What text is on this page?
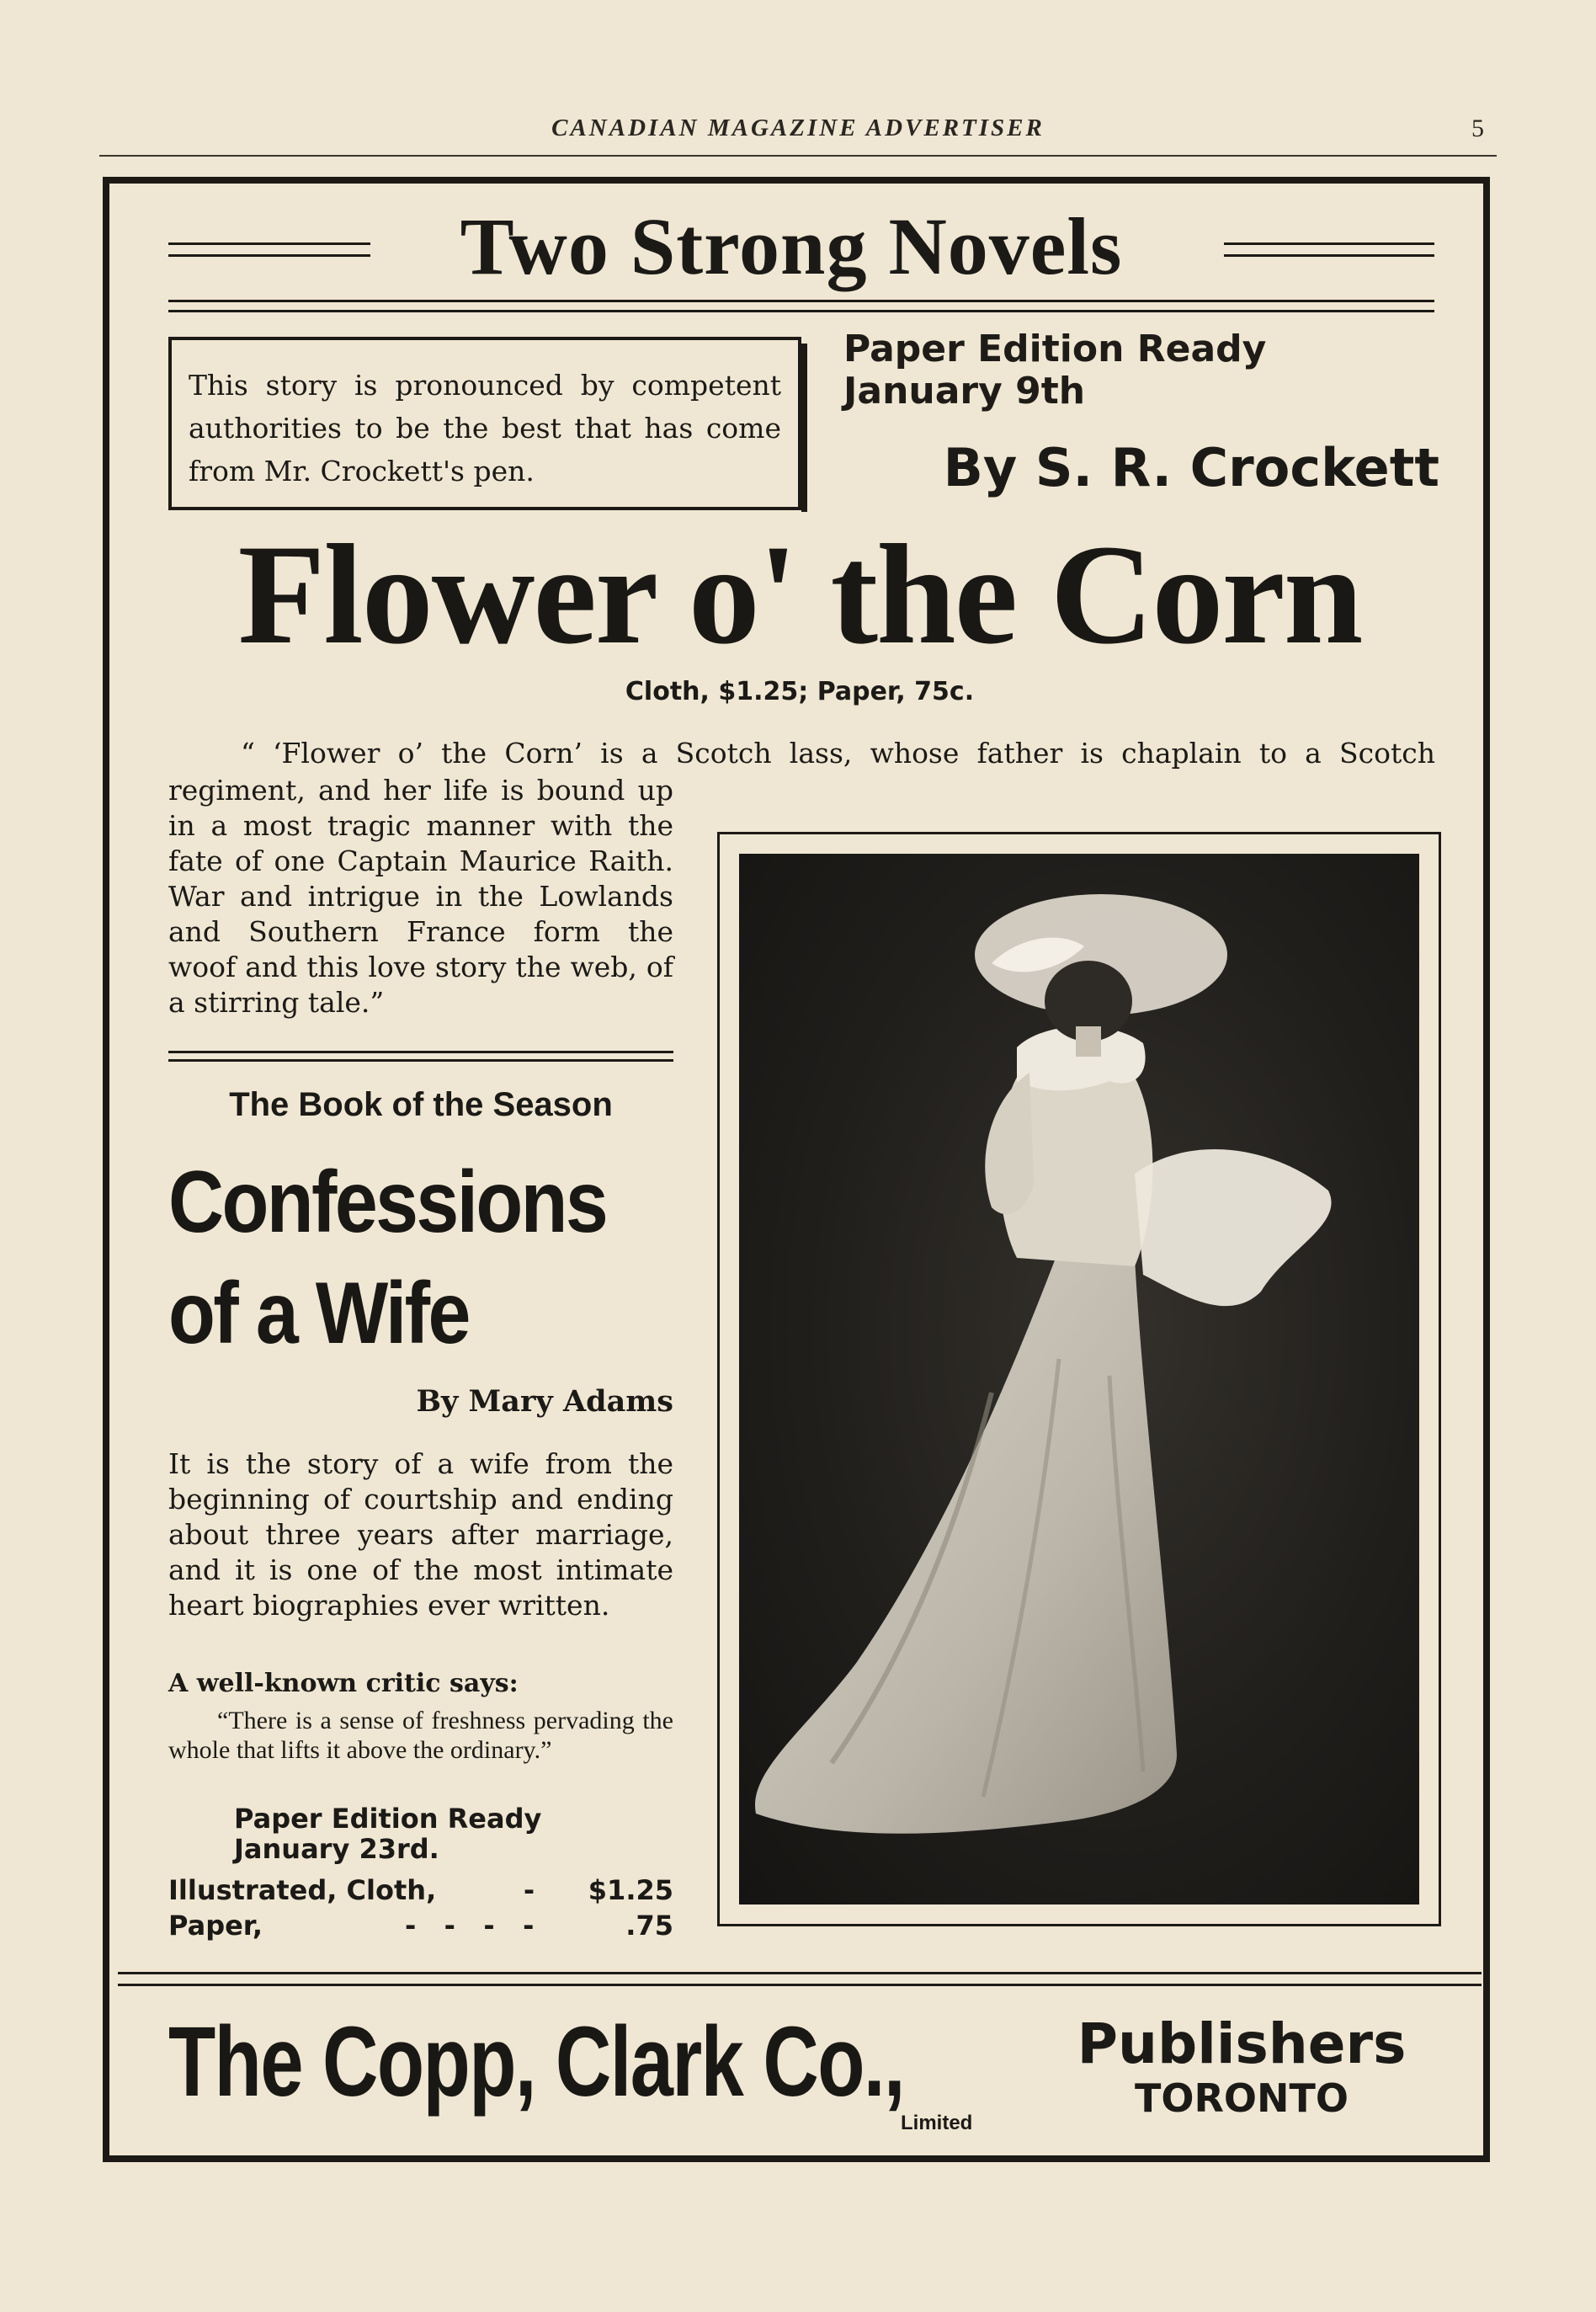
CANADIAN MAGAZINE ADVERTISER	5
Two Strong Novels
This story is pronounced by competent authorities to be the best that has come from Mr. Crockett's pen.
Paper Edition Ready
January 9th
By S. R. Crockett
Flower o' the Corn
Cloth, $1.25; Paper, 75c.
“ ‘Flower o’ the Corn’ is a Scotch lass, whose father is chaplain to a Scotch
regiment, and her life is bound up in a most tragic manner with the fate of one Captain Maurice Raith. War and intrigue in the Lowlands and Southern France form the woof and this love story the web, of a stirring tale.”
The Book of the Season
Confessions
of a Wife
By Mary Adams
It is the story of a wife from the beginning of courtship and ending about three years after marriage, and it is one of the most intimate heart biographies ever written.
A well-known critic says:
“There is a sense of freshness pervading the whole that lifts it above the ordinary.”
Paper Edition Ready
January 23rd.
Illustrated, Cloth,	- $1.25
Paper,	-   -   -   -	.75
The Copp, Clark Co.,
Limited
Publishers
TORONTO
